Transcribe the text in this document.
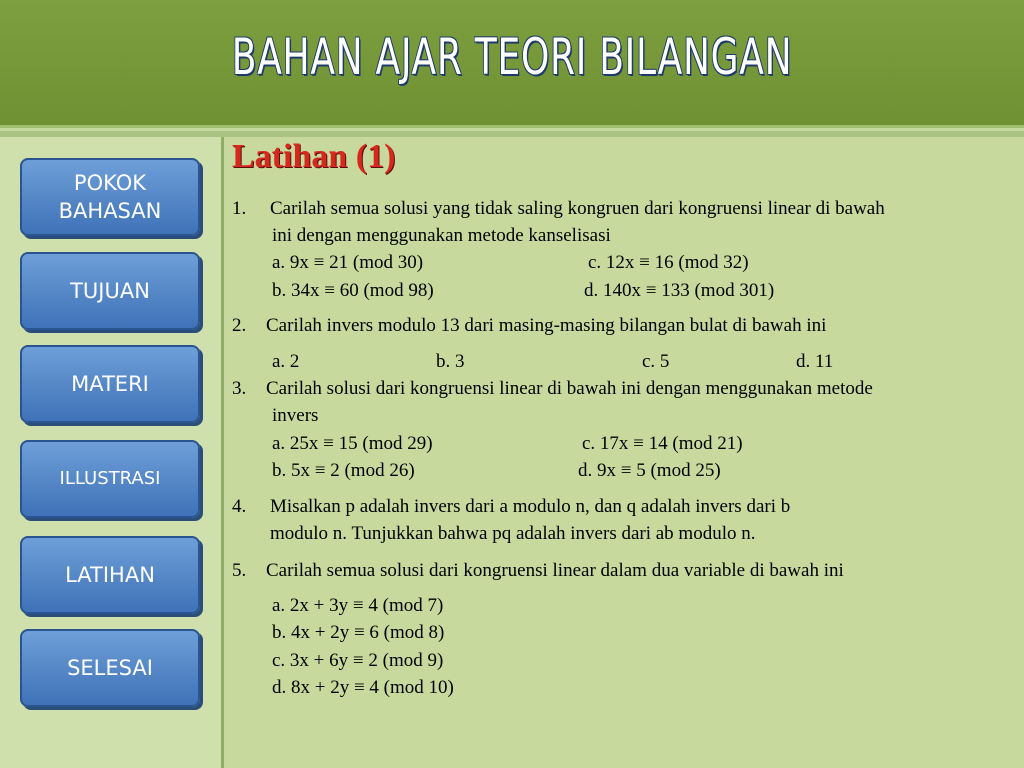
BAHAN AJAR TEORI BILANGAN
POKOK
BAHASAN
TUJUAN
MATERI
ILLUSTRASI
LATIHAN
SELESAI
Latihan (1)
1. Carilah semua solusi yang tidak saling kongruen dari kongruensi linear di bawah
ini dengan menggunakan metode kanselisasi
a. 9x ≡ 21 (mod 30)	c. 12x ≡ 16 (mod 32)
b. 34x ≡ 60 (mod 98)	d. 140x ≡ 133 (mod 301)
2. Carilah invers modulo 13 dari masing-masing bilangan bulat di bawah ini
a. 2	b. 3	c. 5	d. 11
3. Carilah solusi dari kongruensi linear di bawah ini dengan menggunakan metode
invers
a. 25x ≡ 15 (mod 29)	c. 17x ≡ 14 (mod 21)
b. 5x ≡ 2 (mod 26)	d. 9x ≡ 5 (mod 25)
4. Misalkan p adalah invers dari a modulo n, dan q adalah invers dari b
modulo n. Tunjukkan bahwa pq adalah invers dari ab modulo n.
5. Carilah semua solusi dari kongruensi linear dalam dua variable di bawah ini
a. 2x + 3y ≡ 4 (mod 7)
b. 4x + 2y ≡ 6 (mod 8)
c. 3x + 6y ≡ 2 (mod 9)
d. 8x + 2y ≡ 4 (mod 10)
